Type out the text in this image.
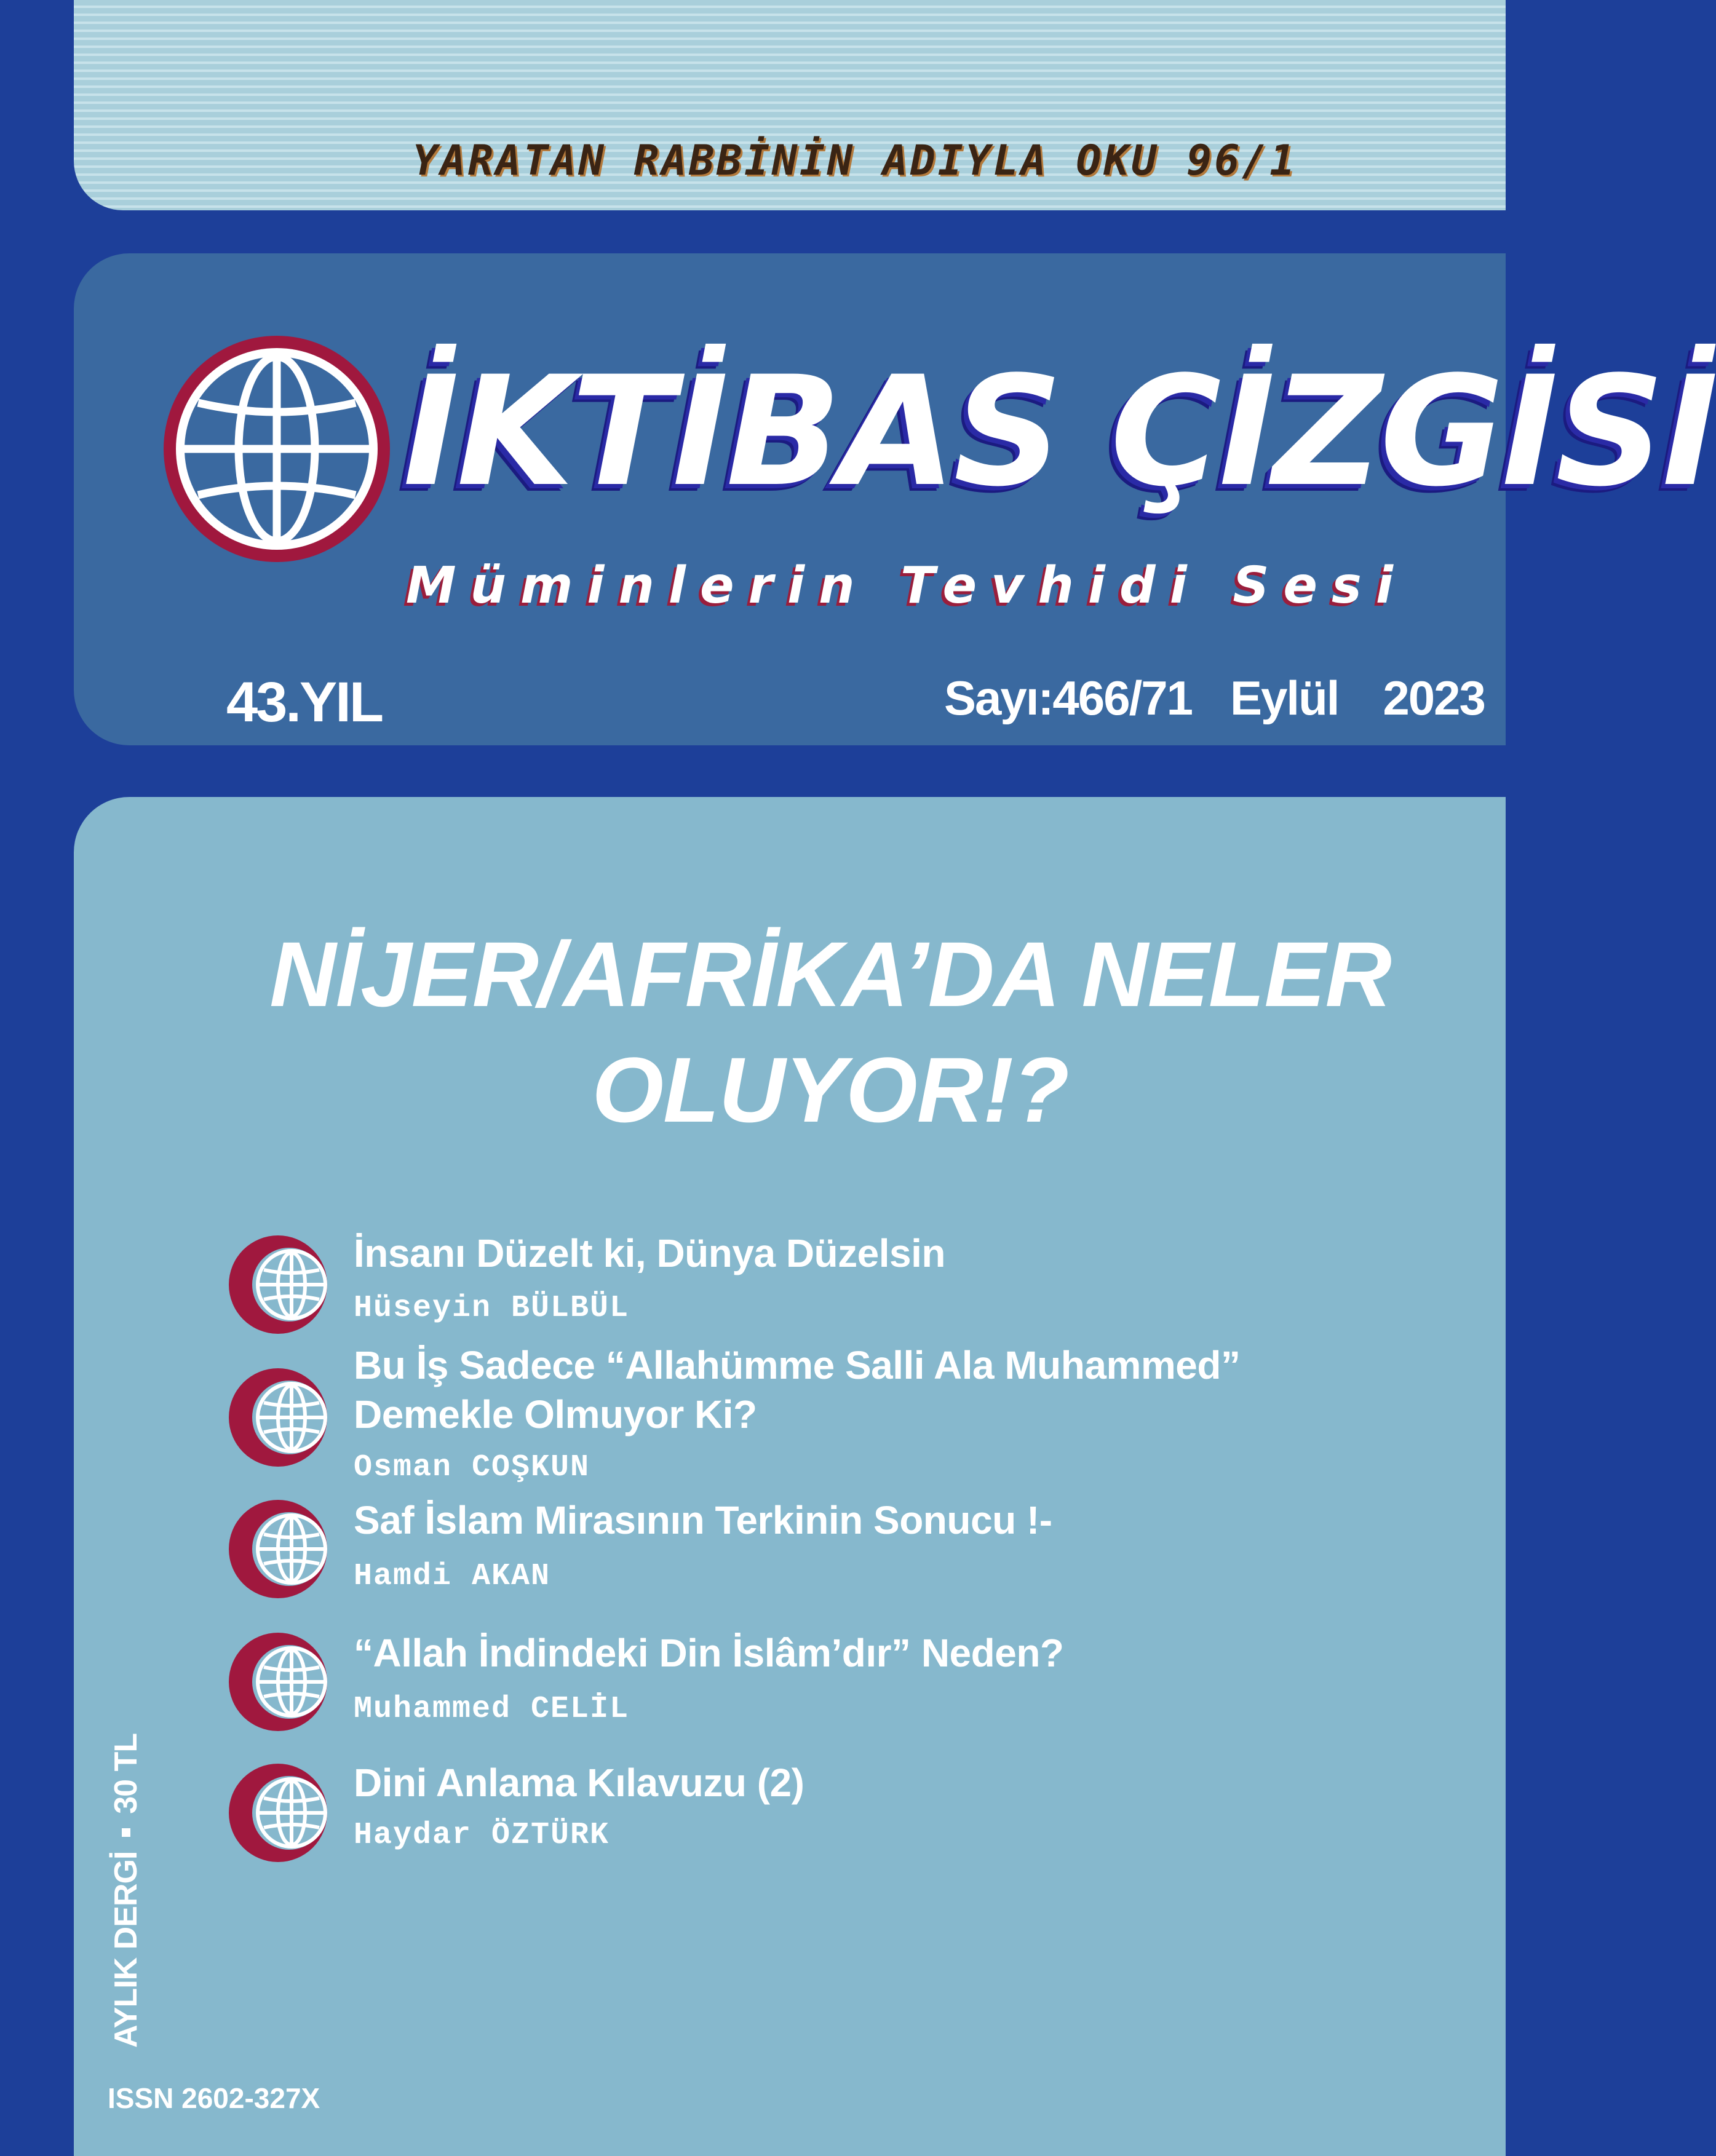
YARATAN RABBİNİN ADIYLA OKU 96/1
İKTİBAS ÇİZGİSİ
Müminlerin Tevhidi Sesi
43.YIL	Sayı:466/71 Eylül 2023
NİJER/AFRİKA’DA NELER
OLUYOR!?
İnsanı Düzelt ki, Dünya Düzelsin
Hüseyin BÜLBÜL
Bu İş Sadece “Allahümme Salli Ala Muhammed”
Demekle Olmuyor Ki?
Osman COŞKUN
Saf İslam Mirasının Terkinin Sonucu !-
Hamdi AKAN
“Allah İndindeki Din İslâm’dır” Neden?
Muhammed CELİL
Dini Anlama Kılavuzu (2)
Haydar ÖZTÜRK
AYLIK DERGİ  30 TL
ISSN 2602-327X
